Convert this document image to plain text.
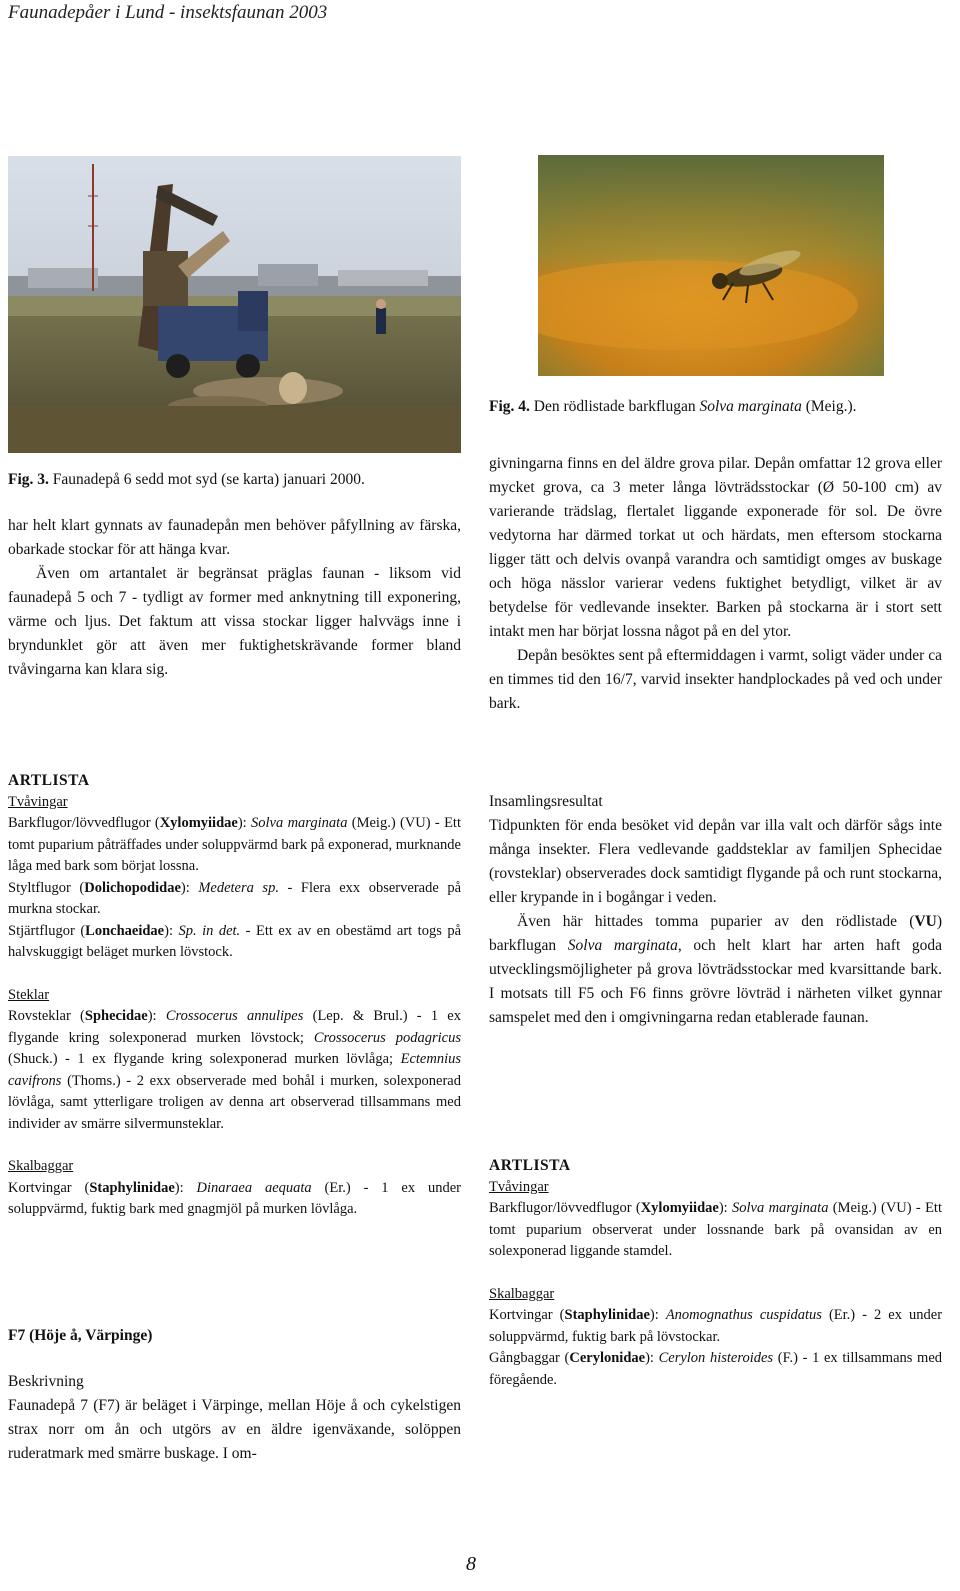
Faunadepåer i Lund - insektsfaunan 2003
Fig. 4. Den rödlistade barkflugan Solva marginata (Meig.).
Fig. 3. Faunadepå 6 sedd mot syd (se karta) januari 2000.

har helt klart gynnats av faunadepån men behöver påfyllning av färska, obarkade stockar för att hänga kvar.

Även om artantalet är begränsat präglas faunan - liksom vid faunadepå 5 och 7 - tydligt av former med anknytning till exponering, värme och ljus. Det faktum att vissa stockar ligger halvvägs inne i bryndunklet gör att även mer fuktighetskrävande former bland tvåvingarna kan klara sig.

givningarna finns en del äldre grova pilar. Depån omfattar 12 grova eller mycket grova, ca 3 meter långa lövträdsstockar (Ø 50-100 cm) av varierande trädslag, flertalet liggande exponerade för sol. De övre vedytorna har därmed torkat ut och härdats, men eftersom stockarna ligger tätt och delvis ovanpå varandra och samtidigt omges av buskage och höga nässlor varierar vedens fuktighet betydligt, vilket är av betydelse för vedlevande insekter. Barken på stockarna är i stort sett intakt men har börjat lossna något på en del ytor.

Depån besöktes sent på eftermiddagen i varmt, soligt väder under ca en timmes tid den 16/7, varvid insekter handplockades på ved och under bark.

ARTLISTA
Tvåvingar

Barkflugor/lövvedflugor (Xylomyiidae): Solva marginata (Meig.) (VU) - Ett tomt puparium påträffades under soluppvärmd bark på exponerad, murknande låga med bark som börjat lossna.

Styltflugor (Dolichopodidae): Medetera sp. - Flera exx observerade på murkna stockar.

Stjärtflugor (Lonchaeidae): Sp. in det. - Ett ex av en obestämd art togs på halvskuggigt beläget murken lövstock.

Steklar

Rovsteklar (Sphecidae): Crossocerus annulipes (Lep. & Brul.) - 1 ex flygande kring solexponerad murken lövstock; Crossocerus podagricus (Shuck.) - 1 ex flygande kring solexponerad murken lövlåga; Ectemnius cavifrons (Thoms.) - 2 exx observerade med bohål i murken, solexponerad lövlåga, samt ytterligare troligen av denna art observerad tillsammans med individer av smärre silvermunsteklar.

Skalbaggar

Kortvingar (Staphylinidae): Dinaraea aequata (Er.) - 1 ex under soluppvärmd, fuktig bark med gnagmjöl på murken lövlåga.

F7 (Höje å, Värpinge)
Beskrivning

Faunadepå 7 (F7) är beläget i Värpinge, mellan Höje å och cykelstigen strax norr om ån och utgörs av en äldre igenväxande, solöppen ruderatmark med smärre buskage. I om-

Insamlingsresultat

Tidpunkten för enda besöket vid depån var illa valt och därför sågs inte många insekter. Flera vedlevande gaddsteklar av familjen Sphecidae (rovsteklar) observerades dock samtidigt flygande på och runt stockarna, eller krypande in i bogångar i veden.

Även här hittades tomma puparier av den rödlistade (VU) barkflugan Solva marginata, och helt klart har arten haft goda utvecklingsmöjligheter på grova lövträdsstockar med kvarsittande bark. I motsats till F5 och F6 finns grövre lövträd i närheten vilket gynnar samspelet med den i omgivningarna redan etablerade faunan.

ARTLISTA
Tvåvingar

Barkflugor/lövvedflugor (Xylomyiidae): Solva marginata (Meig.) (VU) - Ett tomt puparium observerat under lossnande bark på ovansidan av en solexponerad liggande stamdel.

Skalbaggar

Kortvingar (Staphylinidae): Anomognathus cuspidatus (Er.) - 2 ex under soluppvärmd, fuktig bark på lövstockar.

Gångbaggar (Cerylonidae): Cerylon histeroides (F.) - 1 ex tillsammans med föregående.

8
